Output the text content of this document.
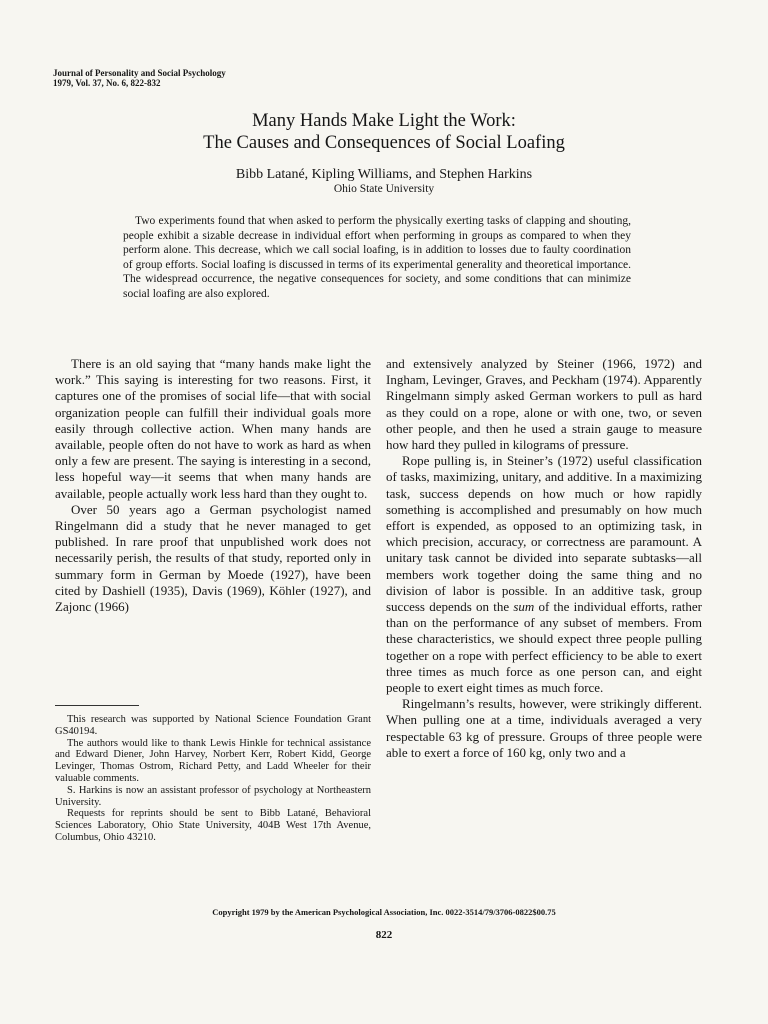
Journal of Personality and Social Psychology
1979, Vol. 37, No. 6, 822-832
Many Hands Make Light the Work:
The Causes and Consequences of Social Loafing
Bibb Latané, Kipling Williams, and Stephen Harkins
Ohio State University

Two experiments found that when asked to perform the physically exerting tasks of clapping and shouting, people exhibit a sizable decrease in individual effort when performing in groups as compared to when they perform alone. This decrease, which we call social loafing, is in addition to losses due to faulty coordination of group efforts. Social loafing is discussed in terms of its experimental generality and theoretical importance. The widespread occurrence, the negative consequences for society, and some conditions that can minimize social loafing are also explored.

There is an old saying that “many hands make light the work.” This saying is interesting for two reasons. First, it captures one of the promises of social life—that with social organization people can fulfill their individual goals more easily through collective action. When many hands are available, people often do not have to work as hard as when only a few are present. The saying is interesting in a second, less hopeful way—it seems that when many hands are available, people actually work less hard than they ought to.

Over 50 years ago a German psychologist named Ringelmann did a study that he never managed to get published. In rare proof that unpublished work does not necessarily perish, the results of that study, reported only in summary form in German by Moede (1927), have been cited by Dashiell (1935), Davis (1969), Köhler (1927), and Zajonc (1966)

This research was supported by National Science Foundation Grant GS40194.

The authors would like to thank Lewis Hinkle for technical assistance and Edward Diener, John Harvey, Norbert Kerr, Robert Kidd, George Levinger, Thomas Ostrom, Richard Petty, and Ladd Wheeler for their valuable comments.

S. Harkins is now an assistant professor of psychology at Northeastern University.

Requests for reprints should be sent to Bibb Latané, Behavioral Sciences Laboratory, Ohio State University, 404B West 17th Avenue, Columbus, Ohio 43210.

and extensively analyzed by Steiner (1966, 1972) and Ingham, Levinger, Graves, and Peckham (1974). Apparently Ringelmann simply asked German workers to pull as hard as they could on a rope, alone or with one, two, or seven other people, and then he used a strain gauge to measure how hard they pulled in kilograms of pressure.

Rope pulling is, in Steiner’s (1972) useful classification of tasks, maximizing, unitary, and additive. In a maximizing task, success depends on how much or how rapidly something is accomplished and presumably on how much effort is expended, as opposed to an optimizing task, in which precision, accuracy, or correctness are paramount. A unitary task cannot be divided into separate subtasks—all members work together doing the same thing and no division of labor is possible. In an additive task, group success depends on the sum of the individual efforts, rather than on the performance of any subset of members. From these characteristics, we should expect three people pulling together on a rope with perfect efficiency to be able to exert three times as much force as one person can, and eight people to exert eight times as much force.

Ringelmann’s results, however, were strikingly different. When pulling one at a time, individuals averaged a very respectable 63 kg of pressure. Groups of three people were able to exert a force of 160 kg, only two and a

Copyright 1979 by the American Psychological Association, Inc. 0022-3514/79/3706-0822$00.75
822
